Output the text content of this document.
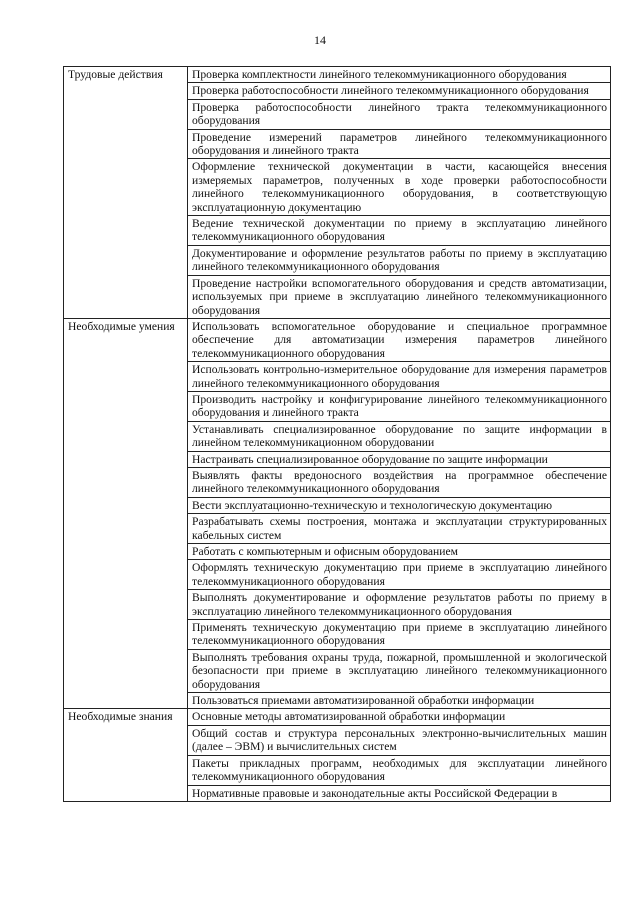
14
Трудовые действия	Проверка комплектности линейного телекоммуникационного оборудования
	Проверка работоспособности линейного телекоммуникационного оборудования
	Проверка работоспособности линейного тракта телекоммуникационного оборудования
	Проведение измерений параметров линейного телекоммуникационного оборудования и линейного тракта
	Оформление технической документации в части, касающейся внесения измеряемых параметров, полученных в ходе проверки работоспособности линейного телекоммуникационного оборудования, в соответствующую эксплуатационную документацию
	Ведение технической документации по приему в эксплуатацию линейного телекоммуникационного оборудования
	Документирование и оформление результатов работы по приему в эксплуатацию линейного телекоммуникационного оборудования
	Проведение настройки вспомогательного оборудования и средств автоматизации, используемых при приеме в эксплуатацию линейного телекоммуникационного оборудования
Необходимые умения	Использовать вспомогательное оборудование и специальное программное обеспечение для автоматизации измерения параметров линейного телекоммуникационного оборудования
	Использовать контрольно-измерительное оборудование для измерения параметров линейного телекоммуникационного оборудования
	Производить настройку и конфигурирование линейного телекоммуникационного оборудования и линейного тракта
	Устанавливать специализированное оборудование по защите информации в линейном телекоммуникационном оборудовании
	Настраивать специализированное оборудование по защите информации
	Выявлять факты вредоносного воздействия на программное обеспечение линейного телекоммуникационного оборудования
	Вести эксплуатационно-техническую и технологическую документацию
	Разрабатывать схемы построения, монтажа и эксплуатации структурированных кабельных систем
	Работать с компьютерным и офисным оборудованием
	Оформлять техническую документацию при приеме в эксплуатацию линейного телекоммуникационного оборудования
	Выполнять документирование и оформление результатов работы по приему в эксплуатацию линейного телекоммуникационного оборудования
	Применять техническую документацию при приеме в эксплуатацию линейного телекоммуникационного оборудования
	Выполнять требования охраны труда, пожарной, промышленной и экологической безопасности при приеме в эксплуатацию линейного телекоммуникационного оборудования
	Пользоваться приемами автоматизированной обработки информации
Необходимые знания	Основные методы автоматизированной обработки информации
	Общий состав и структура персональных электронно-вычислительных машин (далее – ЭВМ) и вычислительных систем
	Пакеты прикладных программ, необходимых для эксплуатации линейного телекоммуникационного оборудования
	Нормативные правовые и законодательные акты Российской Федерации в
